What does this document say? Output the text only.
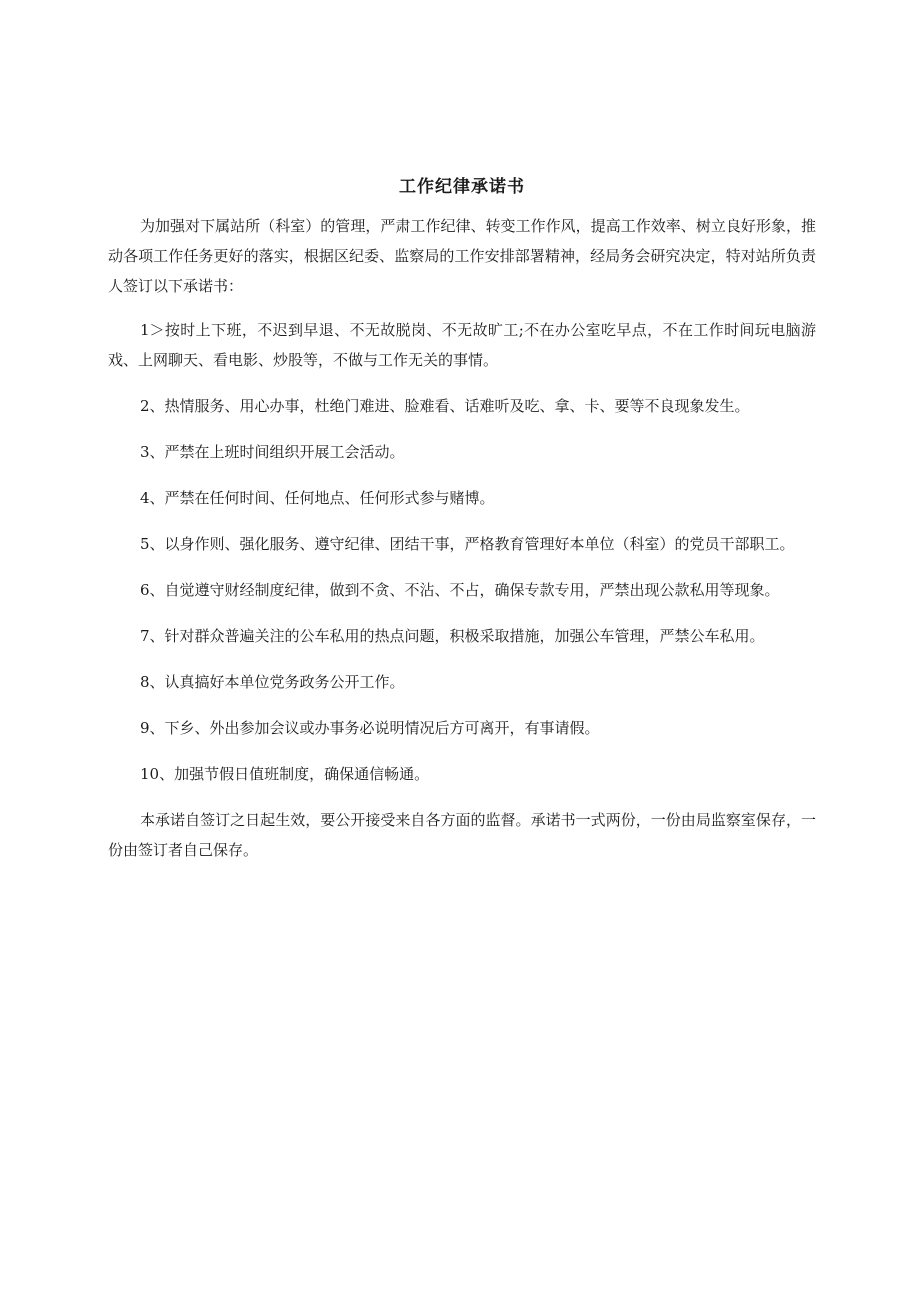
工作纪律承诺书

为加强对下属站所（科室）的管理，严肃工作纪律、转变工作作风，提高工作效率、树立良好形象，推动各项工作任务更好的落实，根据区纪委、监察局的工作安排部署精神，经局务会研究决定，特对站所负责人签订以下承诺书：

1＞按时上下班，不迟到早退、不无故脱岗、不无故旷工;不在办公室吃早点，不在工作时间玩电脑游戏、上网聊天、看电影、炒股等，不做与工作无关的事情。

2、热情服务、用心办事，杜绝门难进、脸难看、话难听及吃、拿、卡、要等不良现象发生。

3、严禁在上班时间组织开展工会活动。

4、严禁在任何时间、任何地点、任何形式参与赌博。

5、以身作则、强化服务、遵守纪律、团结干事，严格教育管理好本单位（科室）的党员干部职工。

6、自觉遵守财经制度纪律，做到不贪、不沾、不占，确保专款专用，严禁出现公款私用等现象。

7、针对群众普遍关注的公车私用的热点问题，积极采取措施，加强公车管理，严禁公车私用。

8、认真搞好本单位党务政务公开工作。

9、下乡、外出参加会议或办事务必说明情况后方可离开，有事请假。

10、加强节假日值班制度，确保通信畅通。

本承诺自签订之日起生效，要公开接受来自各方面的监督。承诺书一式两份，一份由局监察室保存，一份由签订者自己保存。
